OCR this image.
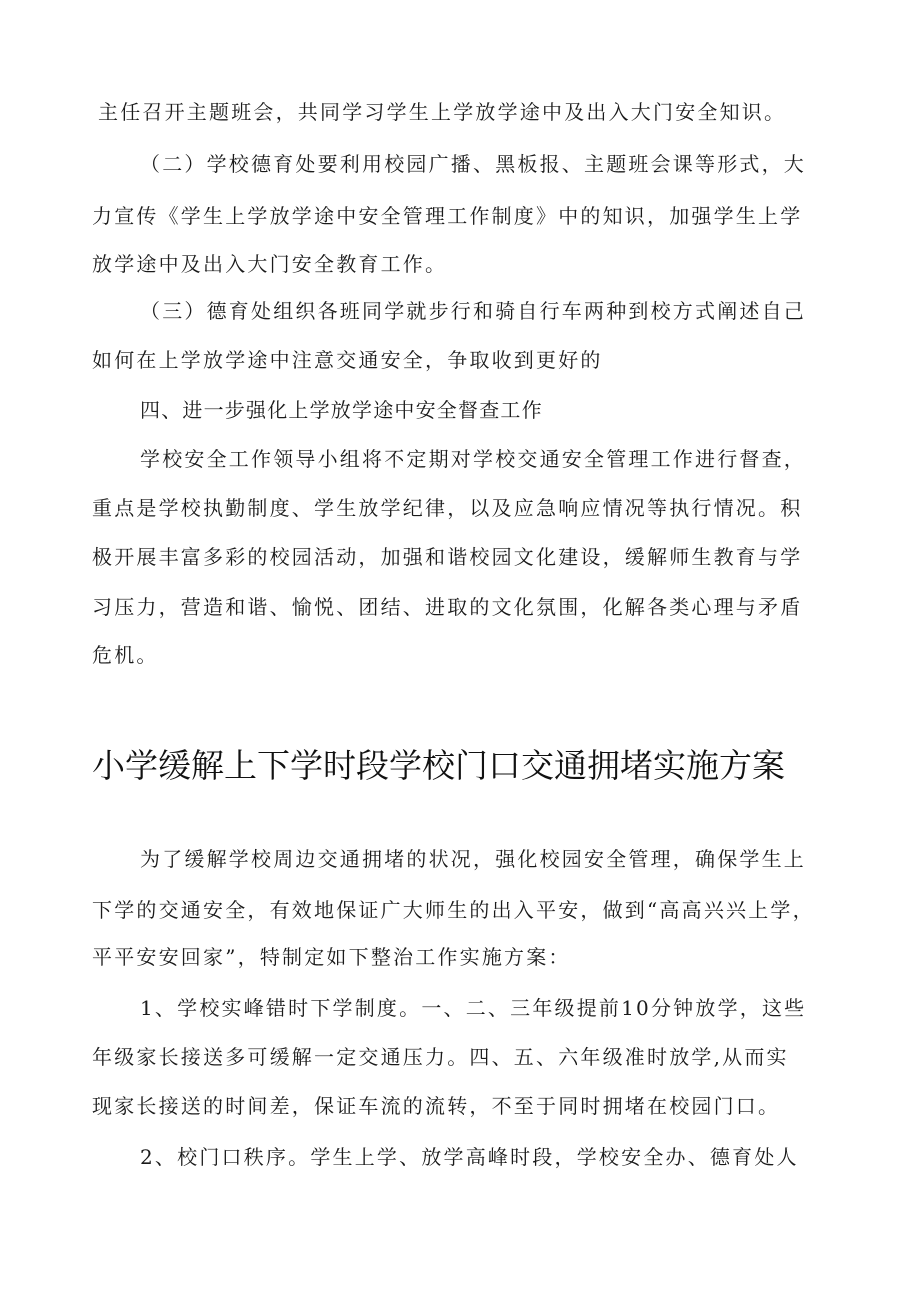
主任召开主题班会，共同学习学生上学放学途中及出入大门安全知识。
（二）学校德育处要利用校园广播、黑板报、主题班会课等形式，大
力宣传《学生上学放学途中安全管理工作制度》中的知识，加强学生上学
放学途中及出入大门安全教育工作。
（三）德育处组织各班同学就步行和骑自行车两种到校方式阐述自己
如何在上学放学途中注意交通安全，争取收到更好的
四、进一步强化上学放学途中安全督查工作
学校安全工作领导小组将不定期对学校交通安全管理工作进行督查，
重点是学校执勤制度、学生放学纪律，以及应急响应情况等执行情况。积
极开展丰富多彩的校园活动，加强和谐校园文化建设，缓解师生教育与学
习压力，营造和谐、愉悦、团结、进取的文化氛围，化解各类心理与矛盾
危机。
小学缓解上下学时段学校门口交通拥堵实施方案
为了缓解学校周边交通拥堵的状况，强化校园安全管理，确保学生上
下学的交通安全，有效地保证广大师生的出入平安，做到“高高兴兴上学，
平平安安回家”，特制定如下整治工作实施方案：
1、学校实峰错时下学制度。一、二、三年级提前10分钟放学，这些
年级家长接送多可缓解一定交通压力。四、五、六年级准时放学,从而实
现家长接送的时间差，保证车流的流转，不至于同时拥堵在校园门口。
2、校门口秩序。学生上学、放学高峰时段，学校安全办、德育处人
